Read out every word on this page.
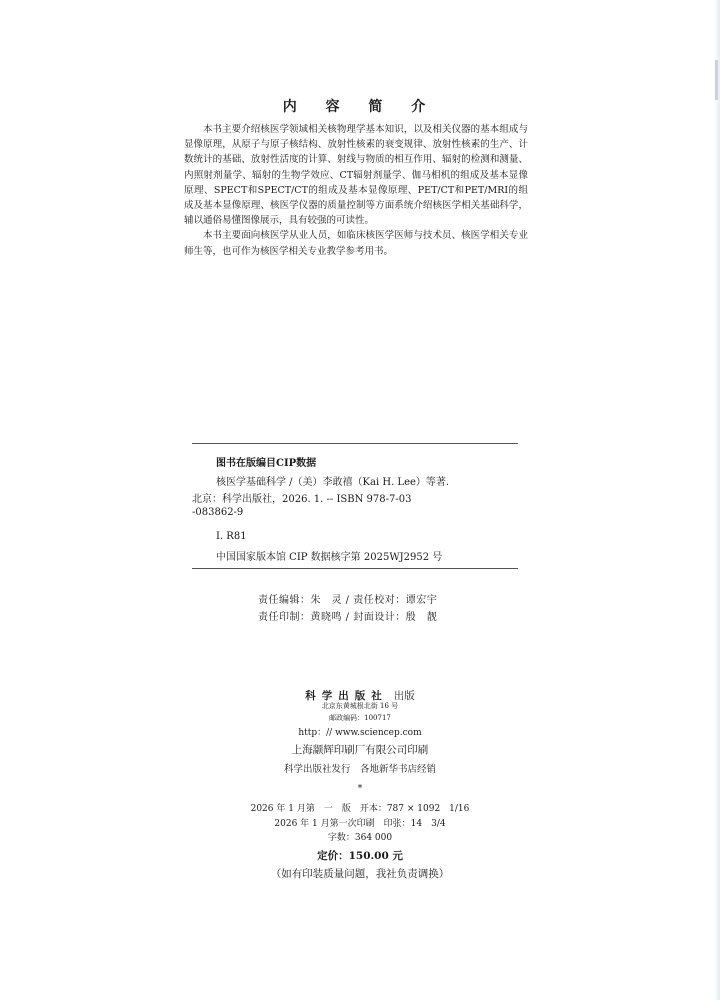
内 容 简 介

本书主要介绍核医学领域相关核物理学基本知识，以及相关仪器的基本组成与显像原理，从原子与原子核结构、放射性核素的衰变规律、放射性核素的生产、计数统计的基础、放射性活度的计算、射线与物质的相互作用、辐射的检测和测量、内照射剂量学、辐射的生物学效应、CT辐射剂量学、伽马相机的组成及基本显像原理、SPECT和SPECT/CT的组成及基本显像原理、PET/CT和PET/MRI的组成及基本显像原理、核医学仪器的质量控制等方面系统介绍核医学相关基础科学，辅以通俗易懂图像展示，具有较强的可读性。

本书主要面向核医学从业人员，如临床核医学医师与技术员、核医学相关专业师生等，也可作为核医学相关专业教学参考用书。

图书在版编目CIP数据
核医学基础科学 /（美）李敢禧（Kai H. Lee）等著．
北京：科学出版社，2026. 1. -- ISBN 978-7-03
-083862-9
Ⅰ. R81
中国国家版本馆 CIP 数据核字第 2025WJ2952 号
责任编辑：朱　灵 / 责任校对：谭宏宇
责任印制：黄晓鸣 / 封面设计：殷　靓
科学出版社 出版
北京东黄城根北街 16 号
邮政编码：100717
http：// www.sciencep.com
上海颛辉印刷厂有限公司印刷
科学出版社发行　各地新华书店经销
*
2026 年 1 月第　一　版　开本：787 × 1092　1/16
2026 年 1 月第一次印刷　印张：14　3/4
字数：364 000
定价：150.00 元
（如有印装质量问题，我社负责调换）
